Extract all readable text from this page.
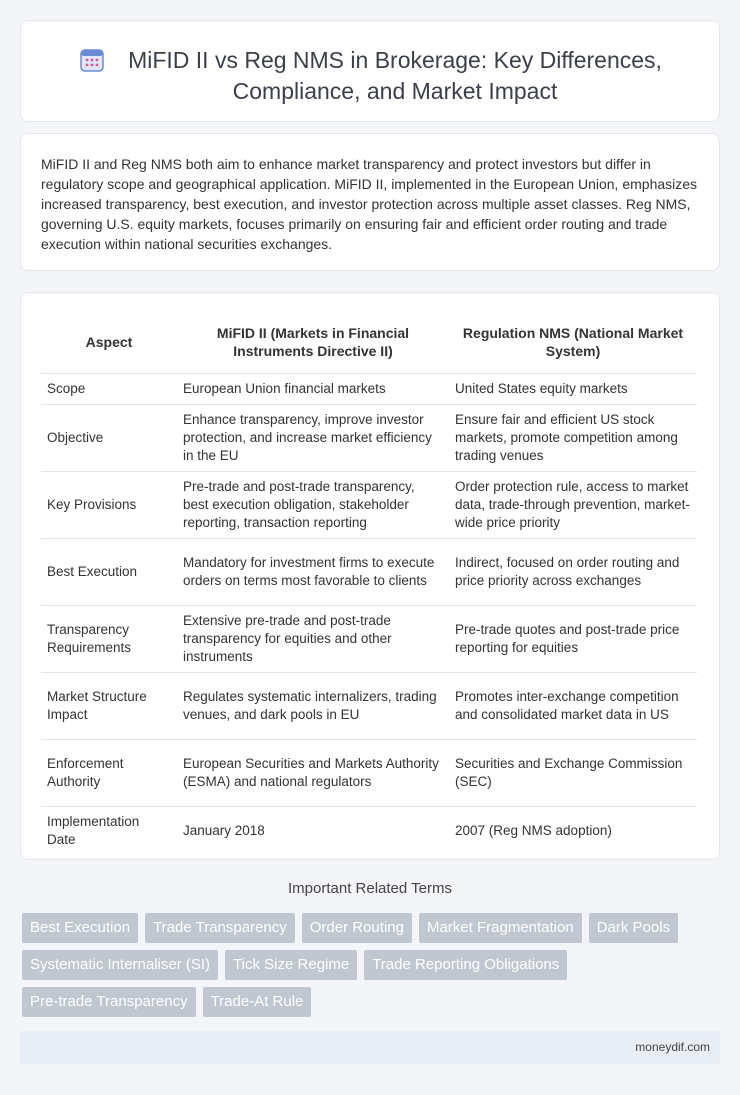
MiFID II vs Reg NMS in Brokerage: Key Differences, Compliance, and Market Impact

MiFID II and Reg NMS both aim to enhance market transparency and protect investors but differ in regulatory scope and geographical application. MiFID II, implemented in the European Union, emphasizes increased transparency, best execution, and investor protection across multiple asset classes. Reg NMS, governing U.S. equity markets, focuses primarily on ensuring fair and efficient order routing and trade execution within national securities exchanges.

Aspect	MiFID II (Markets in Financial Instruments Directive II)	Regulation NMS (National Market System)
Scope	European Union financial markets	United States equity markets
Objective	Enhance transparency, improve investor protection, and increase market efficiency in the EU	Ensure fair and efficient US stock markets, promote competition among trading venues
Key Provisions	Pre-trade and post-trade transparency, best execution obligation, stakeholder reporting, transaction reporting	Order protection rule, access to market data, trade-through prevention, market-wide price priority
Best Execution	Mandatory for investment firms to execute orders on terms most favorable to clients	Indirect, focused on order routing and price priority across exchanges
Transparency Requirements	Extensive pre-trade and post-trade transparency for equities and other instruments	Pre-trade quotes and post-trade price reporting for equities
Market Structure Impact	Regulates systematic internalizers, trading venues, and dark pools in EU	Promotes inter-exchange competition and consolidated market data in US
Enforcement Authority	European Securities and Markets Authority (ESMA) and national regulators	Securities and Exchange Commission (SEC)
Implementation Date	January 2018	2007 (Reg NMS adoption)
Important Related Terms
Best Execution	Trade Transparency	Order Routing	Market Fragmentation	Dark Pools
Systematic Internaliser (SI)	Tick Size Regime	Trade Reporting Obligations
Pre-trade Transparency	Trade-At Rule
moneydif.com
